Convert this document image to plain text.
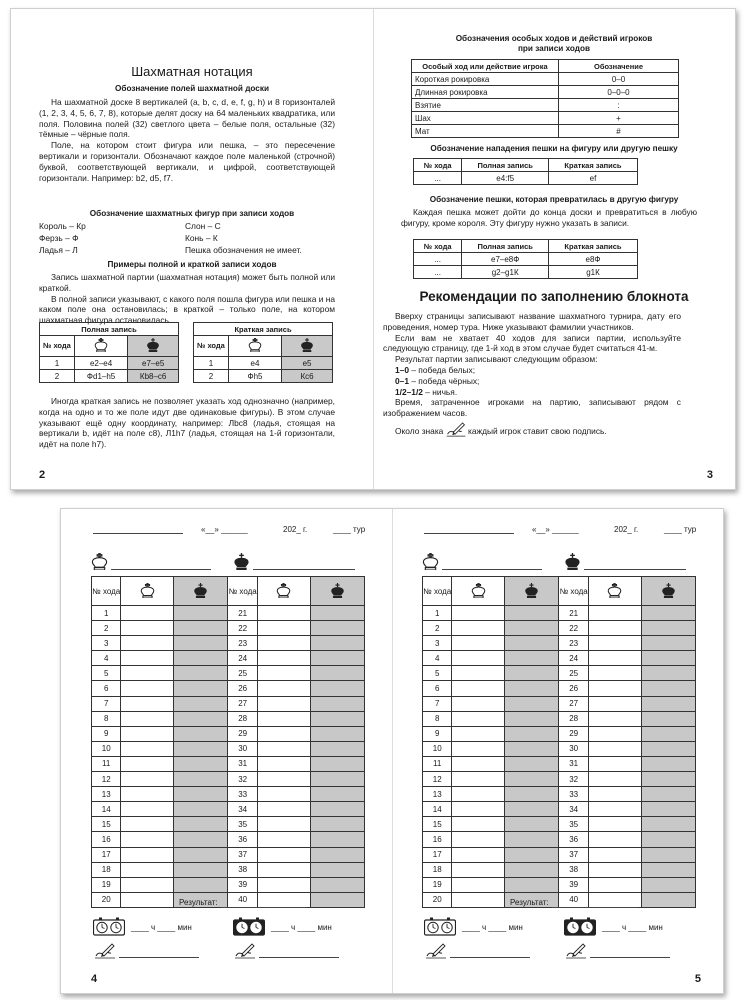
Шахматная нотация
Обозначение полей шахматной доски

На шахматной доске 8 вертикалей (a, b, c, d, e, f, g, h) и 8 горизонталей (1, 2, 3, 4, 5, 6, 7, 8), которые делят доску на 64 маленьких квадратика, или поля. Половина полей (32) светлого цвета – белые поля, остальные (32) тёмные – чёрные поля.

Поле, на котором стоит фигура или пешка, – это пересечение вертикали и горизонтали. Обозначают каждое поле маленькой (строчной) буквой, соответствующей вертикали, и цифрой, соответствующей горизонтали. Например: b2, d5, f7.

Обозначение шахматных фигур при записи ходов
Король – Кр
Ферзь – Ф
Ладья – Л
Слон – С
Конь – К
Пешка обозначения не имеет.
Примеры полной и краткой записи ходов

Запись шахматной партии (шахматная нотация) может быть полной или краткой.

В полной записи указывают, с какого поля пошла фигура или пешка и на каком поле она остановилась; в краткой – только поле, на котором шахматная фигура остановилась.

Полная запись		
№ хода		
1	e2–e4	e7–e5
2	Фd1–h5	Кb8–c6
Краткая запись		
№ хода		
1	e4	e5
2	Фh5	Кс6

Иногда краткая запись не позволяет указать ход однозначно (например, когда на одно и то же поле идут две одинаковые фигуры). В этом случае указывают ещё одну координату, например: Лbс8 (ладья, стоящая на вертикали b, идёт на поле c8), Л1h7 (ладья, стоящая на 1-й горизонтали, идёт на поле h7).

2
Обозначения особых ходов и действий игроков
при записи ходов
Особый ход или действие игрока	Обозначение
Короткая рокировка	0–0
Длинная рокировка	0–0–0
Взятие	:
Шах	+
Мат	#
Обозначение нападения пешки на фигуру или другую пешку
№ хода	Полная запись	Краткая запись
...	e4:f5	ef
Обозначение пешки, которая превратилась в другую фигуру

Каждая пешка может дойти до конца доски и превратиться в любую фигуру, кроме короля. Эту фигуру нужно указать в записи.

№ хода	Полная запись	Краткая запись
...	e7–e8Ф	e8Ф
...	g2–g1К	g1К
Рекомендации по заполнению блокнота

Вверху страницы записывают название шахматного турнира, дату его проведения, номер тура. Ниже указывают фамилии участников.

Если вам не хватает 40 ходов для записи партии, используйте следующую страницу, где 1-й ход в этом случае будет считаться 41-м.

Результат партии записывают следующим образом:

1–0 – победа белых;

0–1 – победа чёрных;

1/2–1/2 – ничья.

Время, затраченное игроками на партию, записывают рядом с изображением часов.

Около знака	каждый игрок ставит свою подпись.

3
«__» ______	202_ г.	____ тур
№ хода			№ хода		
1			21		
2			22		
3			23		
4			24		
5			25		
6			26		
7			27		
8			28		
9			29		
10			30		
11			31		
12			32		
13			33		
14			34		
15			35		
16			36		
17			37		
18			38		
19			39		
20			40		
Результат:
____ ч ____ мин	____ ч ____ мин
4
«__» ______	202_ г.	____ тур
№ хода			№ хода		
1			21		
2			22		
3			23		
4			24		
5			25		
6			26		
7			27		
8			28		
9			29		
10			30		
11			31		
12			32		
13			33		
14			34		
15			35		
16			36		
17			37		
18			38		
19			39		
20			40		
Результат:
____ ч ____ мин	____ ч ____ мин
5
